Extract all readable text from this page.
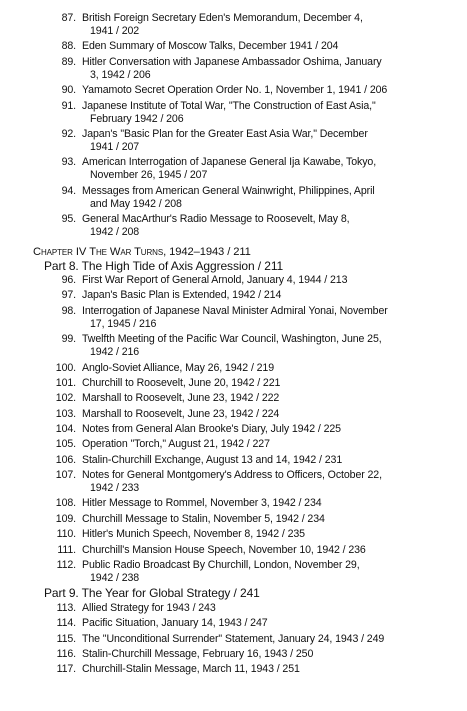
87. British Foreign Secretary Eden's Memorandum, December 4,
1941 / 202
88. Eden Summary of Moscow Talks, December 1941 / 204
89. Hitler Conversation with Japanese Ambassador Oshima, January
3, 1942 / 206
90. Yamamoto Secret Operation Order No. 1, November 1, 1941 / 206
91. Japanese Institute of Total War, "The Construction of East Asia,"
February 1942 / 206
92. Japan's "Basic Plan for the Greater East Asia War," December
1941 / 207
93. American Interrogation of Japanese General Ija Kawabe, Tokyo,
November 26, 1945 / 207
94. Messages from American General Wainwright, Philippines, April
and May 1942 / 208
95. General MacArthur's Radio Message to Roosevelt, May 8,
1942 / 208
Chapter IV The War Turns, 1942–1943 / 211
Part 8. The High Tide of Axis Aggression / 211
96. First War Report of General Arnold, January 4, 1944 / 213
97. Japan's Basic Plan is Extended, 1942 / 214
98. Interrogation of Japanese Naval Minister Admiral Yonai, November
17, 1945 / 216
99. Twelfth Meeting of the Pacific War Council, Washington, June 25,
1942 / 216
100. Anglo-Soviet Alliance, May 26, 1942 / 219
101. Churchill to Roosevelt, June 20, 1942 / 221
102. Marshall to Roosevelt, June 23, 1942 / 222
103. Marshall to Roosevelt, June 23, 1942 / 224
104. Notes from General Alan Brooke's Diary, July 1942 / 225
105. Operation "Torch," August 21, 1942 / 227
106. Stalin-Churchill Exchange, August 13 and 14, 1942 / 231
107. Notes for General Montgomery's Address to Officers, October 22,
1942 / 233
108. Hitler Message to Rommel, November 3, 1942 / 234
109. Churchill Message to Stalin, November 5, 1942 / 234
110. Hitler's Munich Speech, November 8, 1942 / 235
111. Churchill's Mansion House Speech, November 10, 1942 / 236
112. Public Radio Broadcast By Churchill, London, November 29,
1942 / 238
Part 9. The Year for Global Strategy / 241
113. Allied Strategy for 1943 / 243
114. Pacific Situation, January 14, 1943 / 247
115. The "Unconditional Surrender" Statement, January 24, 1943 / 249
116. Stalin-Churchill Message, February 16, 1943 / 250
117. Churchill-Stalin Message, March 11, 1943 / 251
